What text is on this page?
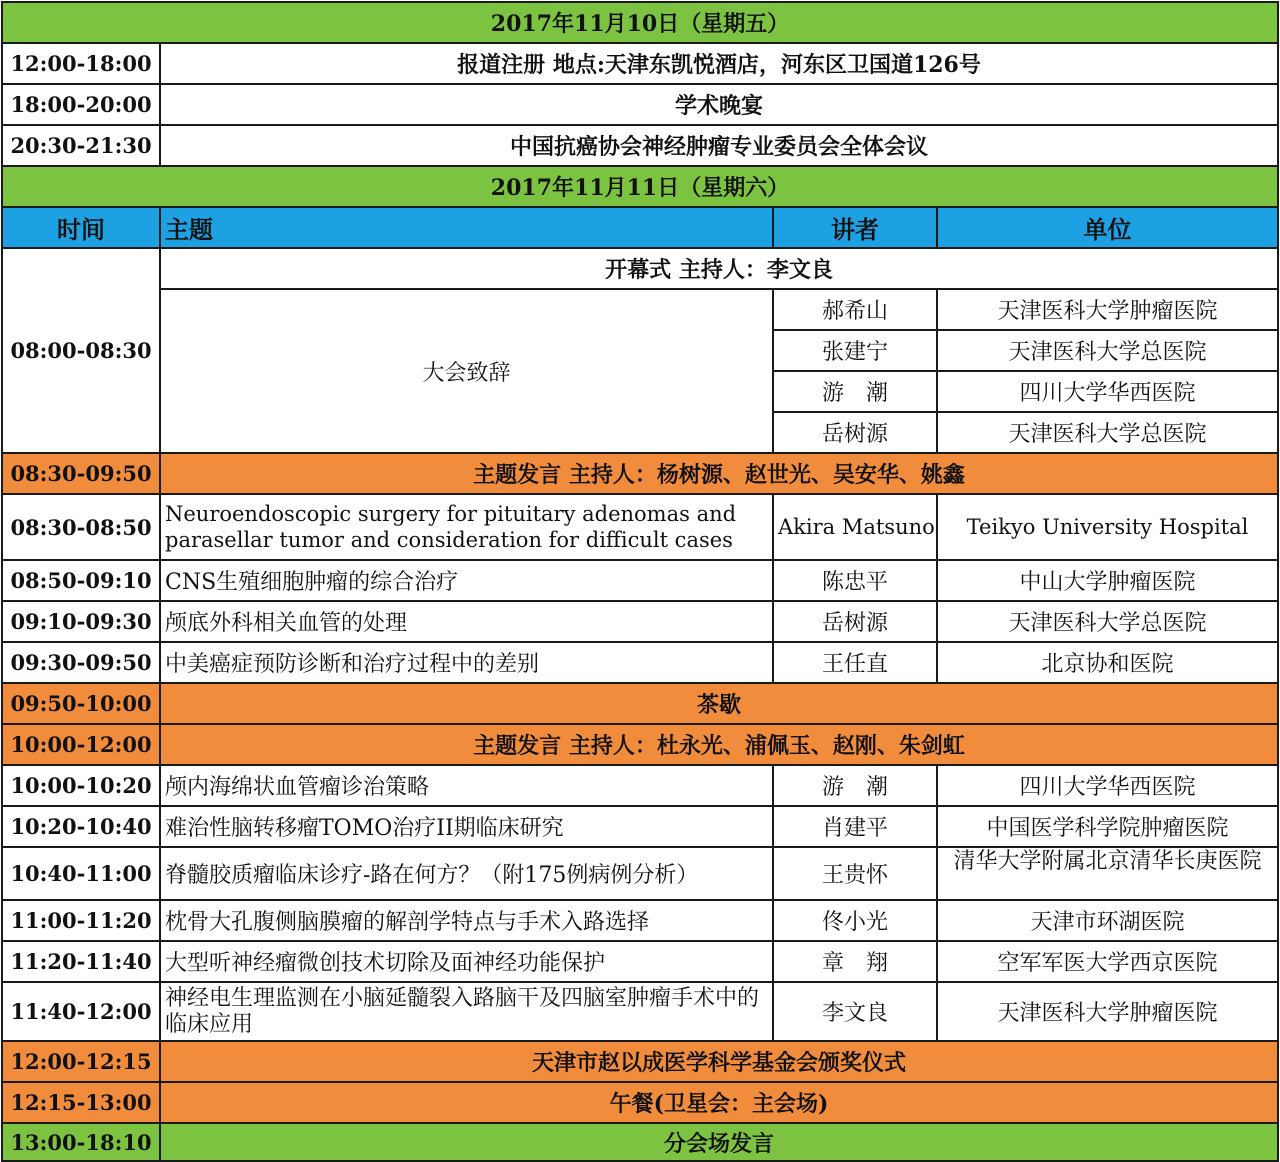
2017年11月10日（星期五）			
12:00-18:00	报道注册 地点:天津东凯悦酒店，河东区卫国道126号		
18:00-20:00	学术晚宴		
20:30-21:30	中国抗癌协会神经肿瘤专业委员会全体会议		
2017年11月11日（星期六）			
时间	主题	讲者	单位
08:00-08:30	开幕式 主持人：李文良		
	大会致辞	郝希山	天津医科大学肿瘤医院
		张建宁	天津医科大学总医院
		游　潮	四川大学华西医院
		岳树源	天津医科大学总医院
08:30-09:50	主题发言 主持人：杨树源、赵世光、吴安华、姚鑫		
08:30-08:50	Neuroendoscopic surgery for pituitary adenomas and parasellar tumor and consideration for difficult cases	Akira Matsuno	Teikyo University Hospital
08:50-09:10	CNS生殖细胞肿瘤的综合治疗	陈忠平	中山大学肿瘤医院
09:10-09:30	颅底外科相关血管的处理	岳树源	天津医科大学总医院
09:30-09:50	中美癌症预防诊断和治疗过程中的差别	王任直	北京协和医院
09:50-10:00	茶歇		
10:00-12:00	主题发言 主持人：杜永光、浦佩玉、赵刚、朱剑虹		
10:00-10:20	颅内海绵状血管瘤诊治策略	游　潮	四川大学华西医院
10:20-10:40	难治性脑转移瘤TOMO治疗II期临床研究	肖建平	中国医学科学院肿瘤医院
10:40-11:00	脊髓胶质瘤临床诊疗-路在何方？（附175例病例分析）	王贵怀	清华大学附属北京清华长庚医院

11:00-11:20	枕骨大孔腹侧脑膜瘤的解剖学特点与手术入路选择	佟小光	天津市环湖医院
11:20-11:40	大型听神经瘤微创技术切除及面神经功能保护	章　翔	空军军医大学西京医院
11:40-12:00	神经电生理监测在小脑延髓裂入路脑干及四脑室肿瘤手术中的临床应用	李文良	天津医科大学肿瘤医院
12:00-12:15	天津市赵以成医学科学基金会颁奖仪式		
12:15-13:00	午餐(卫星会：主会场)		
13:00-18:10	分会场发言		
